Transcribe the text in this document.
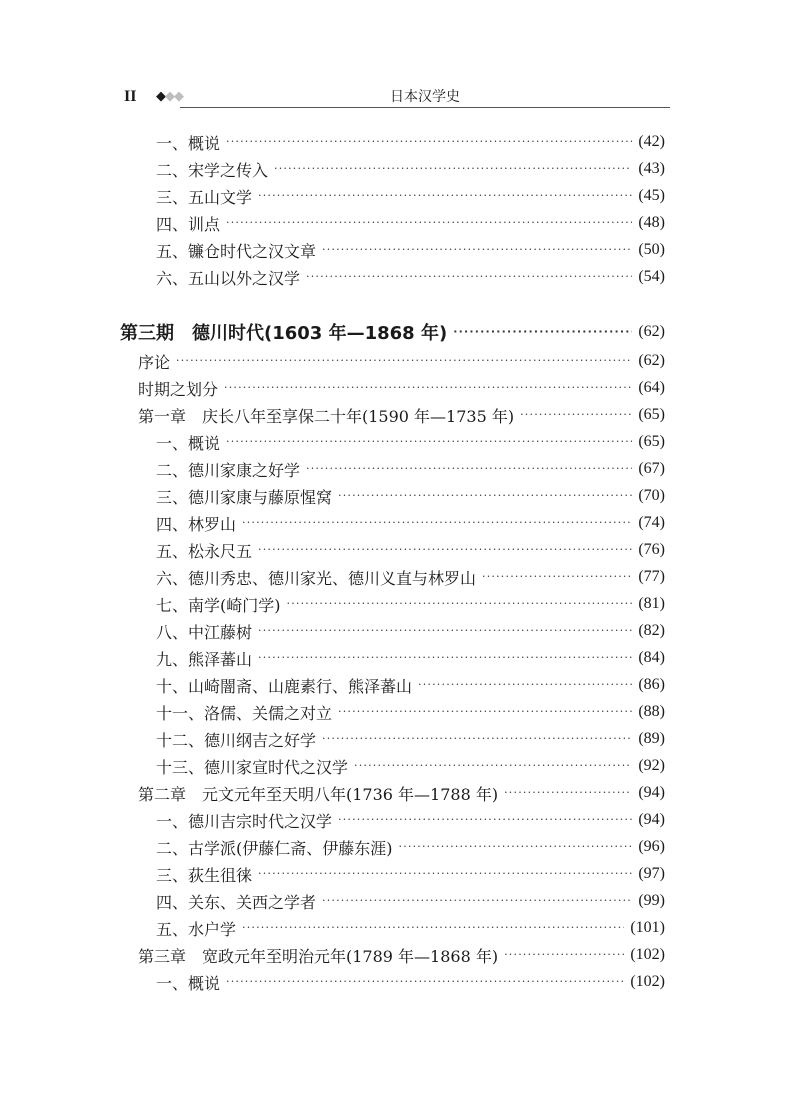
II ◆◆◆	日本汉学史
一、概说 ·····	(42)
二、宋学之传入 ·····	(43)
三、五山文学 ·····	(45)
四、训点 ·····	(48)
五、镰仓时代之汉文章 ·····	(50)
六、五山以外之汉学 ·····	(54)
第三期　德川时代(1603 年—1868 年) ·····	(62)
序论 ·····	(62)
时期之划分 ·····	(64)
第一章　庆长八年至享保二十年(1590 年—1735 年) ·····	(65)
一、概说 ·····	(65)
二、德川家康之好学 ·····	(67)
三、德川家康与藤原惺窝 ·····	(70)
四、林罗山 ·····	(74)
五、松永尺五 ·····	(76)
六、德川秀忠、德川家光、德川义直与林罗山 ·····	(77)
七、南学(崎门学) ·····	(81)
八、中江藤树 ·····	(82)
九、熊泽蕃山 ·····	(84)
十、山崎闇斋、山鹿素行、熊泽蕃山 ·····	(86)
十一、洛儒、关儒之对立 ·····	(88)
十二、德川纲吉之好学 ·····	(89)
十三、德川家宣时代之汉学 ·····	(92)
第二章　元文元年至天明八年(1736 年—1788 年) ·····	(94)
一、德川吉宗时代之汉学 ·····	(94)
二、古学派(伊藤仁斋、伊藤东涯) ·····	(96)
三、荻生徂徕 ·····	(97)
四、关东、关西之学者 ·····	(99)
五、水户学 ·····	(101)
第三章　宽政元年至明治元年(1789 年—1868 年) ·····	(102)
一、概说 ·····	(102)
